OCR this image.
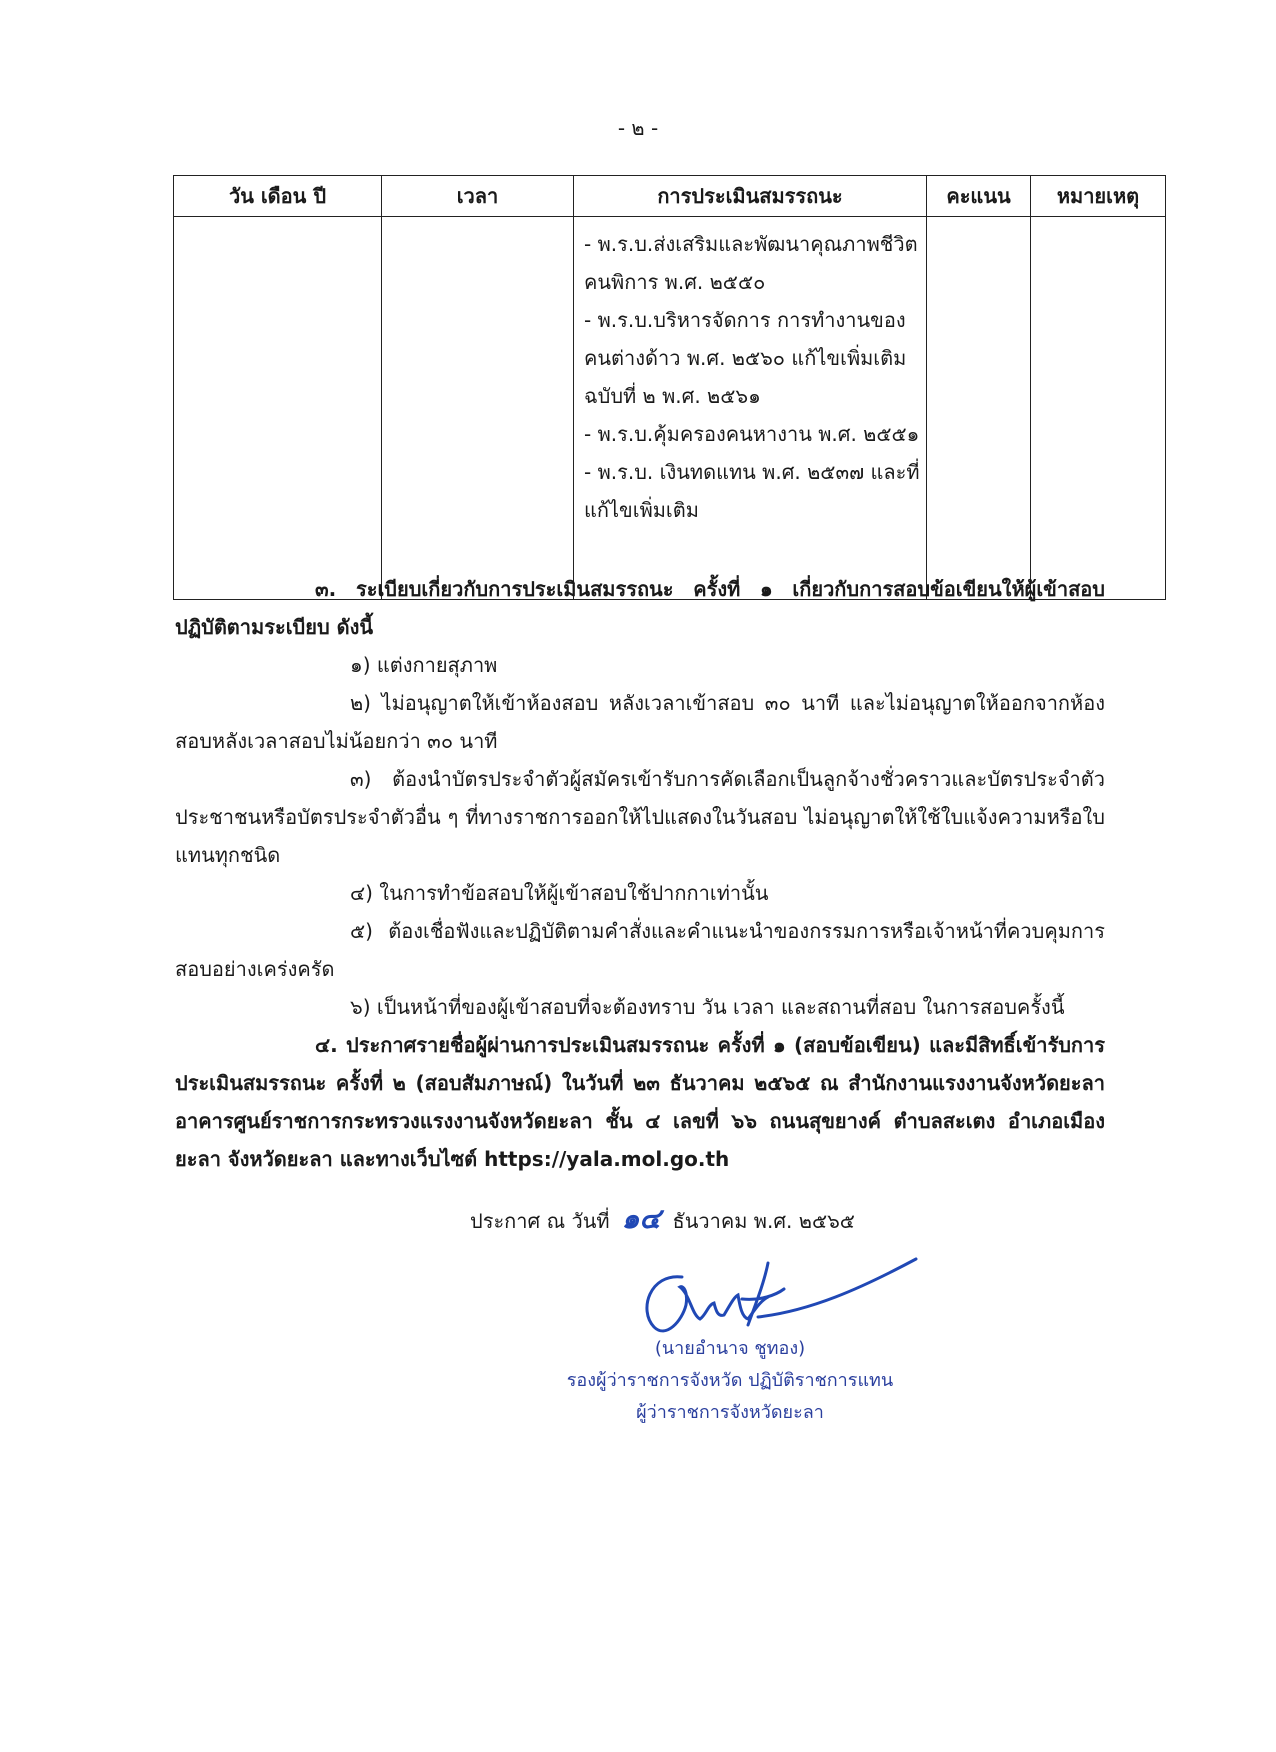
- ๒ -
วัน เดือน ปี	เวลา	การประเมินสมรรถนะ	คะแนน	หมายเหตุ

		- พ.ร.บ.ส่งเสริมและพัฒนาคุณภาพชีวิตคนพิการ พ.ศ. ๒๕๕๐

- พ.ร.บ.บริหารจัดการ การทำงานของคนต่างด้าว พ.ศ. ๒๕๖๐ แก้ไขเพิ่มเติม ฉบับที่ ๒ พ.ศ. ๒๕๖๑

- พ.ร.บ.คุ้มครองคนหางาน พ.ศ. ๒๕๕๑

- พ.ร.บ. เงินทดแทน พ.ศ. ๒๕๓๗ และที่แก้ไขเพิ่มเติม		

๓. ระเบียบเกี่ยวกับการประเมินสมรรถนะ ครั้งที่ ๑ เกี่ยวกับการสอบข้อเขียนให้ผู้เข้าสอบปฏิบัติตามระเบียบ ดังนี้

๑) แต่งกายสุภาพ

๒) ไม่อนุญาตให้เข้าห้องสอบ หลังเวลาเข้าสอบ ๓๐ นาที และไม่อนุญาตให้ออกจากห้องสอบหลังเวลาสอบไม่น้อยกว่า ๓๐ นาที

๓) ต้องนำบัตรประจำตัวผู้สมัครเข้ารับการคัดเลือกเป็นลูกจ้างชั่วคราวและบัตรประจำตัวประชาชนหรือบัตรประจำตัวอื่น ๆ ที่ทางราชการออกให้ไปแสดงในวันสอบ ไม่อนุญาตให้ใช้ใบแจ้งความหรือใบแทนทุกชนิด

๔) ในการทำข้อสอบให้ผู้เข้าสอบใช้ปากกาเท่านั้น

๕) ต้องเชื่อฟังและปฏิบัติตามคำสั่งและคำแนะนำของกรรมการหรือเจ้าหน้าที่ควบคุมการสอบอย่างเคร่งครัด

๖) เป็นหน้าที่ของผู้เข้าสอบที่จะต้องทราบ วัน เวลา และสถานที่สอบ ในการสอบครั้งนี้

๔. ประกาศรายชื่อผู้ผ่านการประเมินสมรรถนะ ครั้งที่ ๑ (สอบข้อเขียน) และมีสิทธิ์เข้ารับการประเมินสมรรถนะ ครั้งที่ ๒ (สอบสัมภาษณ์) ในวันที่ ๒๓ ธันวาคม ๒๕๖๕ ณ สำนักงานแรงงานจังหวัดยะลา อาคารศูนย์ราชการกระทรวงแรงงานจังหวัดยะลา ชั้น ๔ เลขที่ ๖๖ ถนนสุขยางค์ ตำบลสะเตง อำเภอเมืองยะลา จังหวัดยะลา และทางเว็บไซต์ https://yala.mol.go.th

ประกาศ ณ วันที่ ๑๔ ธันวาคม พ.ศ. ๒๕๖๕

(นายอำนาจ ชูทอง)

รองผู้ว่าราชการจังหวัด ปฏิบัติราชการแทน

ผู้ว่าราชการจังหวัดยะลา
